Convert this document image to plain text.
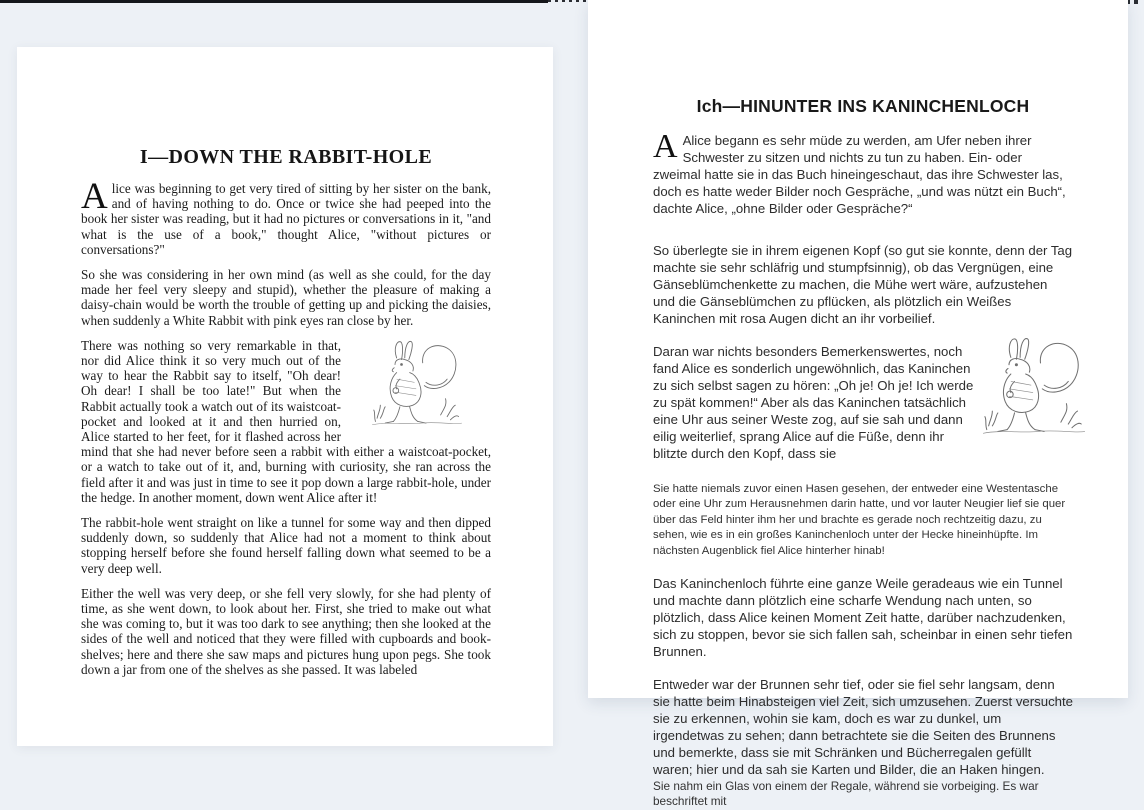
I—DOWN THE RABBIT-HOLE

Alice was beginning to get very tired of sitting by her sister on the bank, and of having nothing to do. Once or twice she had peeped into the book her sister was reading, but it had no pictures or conversations in it, "and what is the use of a book," thought Alice, "without pictures or conversations?"

So she was considering in her own mind (as well as she could, for the day made her feel very sleepy and stupid), whether the pleasure of making a daisy-chain would be worth the trouble of getting up and picking the daisies, when suddenly a White Rabbit with pink eyes ran close by her.

There was nothing so very remarkable in that, nor did Alice think it so very much out of the way to hear the Rabbit say to itself, "Oh dear! Oh dear! I shall be too late!" But when the Rabbit actually took a watch out of its waistcoat-pocket and looked at it and then hurried on, Alice started to her feet, for it flashed across her mind that she had never before seen a rabbit with either a waistcoat-pocket, or a watch to take out of it, and, burning with curiosity, she ran across the field after it and was just in time to see it pop down a large rabbit-hole, under the hedge. In another moment, down went Alice after it!

The rabbit-hole went straight on like a tunnel for some way and then dipped suddenly down, so suddenly that Alice had not a moment to think about stopping herself before she found herself falling down what seemed to be a very deep well.

Either the well was very deep, or she fell very slowly, for she had plenty of time, as she went down, to look about her. First, she tried to make out what she was coming to, but it was too dark to see anything; then she looked at the sides of the well and noticed that they were filled with cupboards and book-shelves; here and there she saw maps and pictures hung upon pegs. She took down a jar from one of the shelves as she passed. It was labeled

Ich—HINUNTER INS KANINCHENLOCH

A Alice begann es sehr müde zu werden, am Ufer neben ihrer Schwester zu sitzen und nichts zu tun zu haben. Ein- oder zweimal hatte sie in das Buch hineingeschaut, das ihre Schwester las, doch es hatte weder Bilder noch Gespräche, „und was nützt ein Buch“, dachte Alice, „ohne Bilder oder Gespräche?“

So überlegte sie in ihrem eigenen Kopf (so gut sie konnte, denn der Tag machte sie sehr schläfrig und stumpfsinnig), ob das Vergnügen, eine Gänseblümchenkette zu machen, die Mühe wert wäre, aufzustehen und die Gänseblümchen zu pflücken, als plötzlich ein Weißes Kaninchen mit rosa Augen dicht an ihr vorbeilief.

Daran war nichts besonders Bemerkenswertes, noch fand Alice es sonderlich ungewöhnlich, das Kaninchen zu sich selbst sagen zu hören: „Oh je! Oh je! Ich werde zu spät kommen!“ Aber als das Kaninchen tatsächlich eine Uhr aus seiner Weste zog, auf sie sah und dann eilig weiterlief, sprang Alice auf die Füße, denn ihr blitzte durch den Kopf, dass sie

Sie hatte niemals zuvor einen Hasen gesehen, der entweder eine Westentasche oder eine Uhr zum Herausnehmen darin hatte, und vor lauter Neugier lief sie quer über das Feld hinter ihm her und brachte es gerade noch rechtzeitig dazu, zu sehen, wie es in ein großes Kaninchenloch unter der Hecke hineinhüpfte. Im nächsten Augenblick fiel Alice hinterher hinab!

Das Kaninchenloch führte eine ganze Weile geradeaus wie ein Tunnel und machte dann plötzlich eine scharfe Wendung nach unten, so plötzlich, dass Alice keinen Moment Zeit hatte, darüber nachzudenken, sich zu stoppen, bevor sie sich fallen sah, scheinbar in einen sehr tiefen Brunnen.

Entweder war der Brunnen sehr tief, oder sie fiel sehr langsam, denn sie hatte beim Hinabsteigen viel Zeit, sich umzusehen. Zuerst versuchte sie zu erkennen, wohin sie kam, doch es war zu dunkel, um irgendetwas zu sehen; dann betrachtete sie die Seiten des Brunnens und bemerkte, dass sie mit Schränken und Bücherregalen gefüllt waren; hier und da sah sie Karten und Bilder, die an Haken hingen.

Sie nahm ein Glas von einem der Regale, während sie vorbeiging. Es war beschriftet mit
